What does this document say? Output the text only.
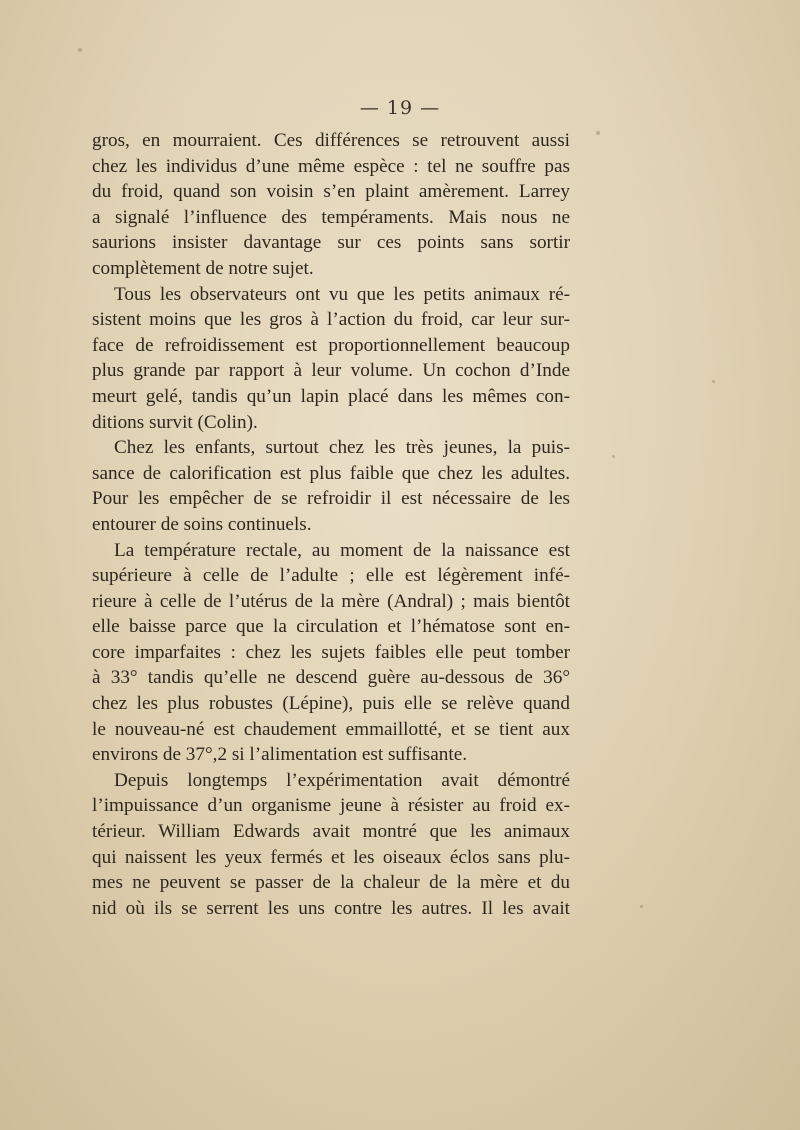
— 19 —
gros, en mourraient. Ces différences se retrouvent aussi
chez les individus d’une même espèce : tel ne souffre pas
du froid, quand son voisin s’en plaint amèrement. Larrey
a signalé l’influence des tempéraments. Mais nous ne
saurions insister davantage sur ces points sans sortir
complètement de notre sujet.
Tous les observateurs ont vu que les petits animaux ré-
sistent moins que les gros à l’action du froid, car leur sur-
face de refroidissement est proportionnellement beaucoup
plus grande par rapport à leur volume. Un cochon d’Inde
meurt gelé, tandis qu’un lapin placé dans les mêmes con-
ditions survit (Colin).
Chez les enfants, surtout chez les très jeunes, la puis-
sance de calorification est plus faible que chez les adultes.
Pour les empêcher de se refroidir il est nécessaire de les
entourer de soins continuels.
La température rectale, au moment de la naissance est
supérieure à celle de l’adulte ; elle est légèrement infé-
rieure à celle de l’utérus de la mère (Andral) ; mais bientôt
elle baisse parce que la circulation et l’hématose sont en-
core imparfaites : chez les sujets faibles elle peut tomber
à 33° tandis qu’elle ne descend guère au-dessous de 36°
chez les plus robustes (Lépine), puis elle se relève quand
le nouveau-né est chaudement emmaillotté, et se tient aux
environs de 37°,2 si l’alimentation est suffisante.
Depuis longtemps l’expérimentation avait démontré
l’impuissance d’un organisme jeune à résister au froid ex-
térieur. William Edwards avait montré que les animaux
qui naissent les yeux fermés et les oiseaux éclos sans plu-
mes ne peuvent se passer de la chaleur de la mère et du
nid où ils se serrent les uns contre les autres. Il les avait
